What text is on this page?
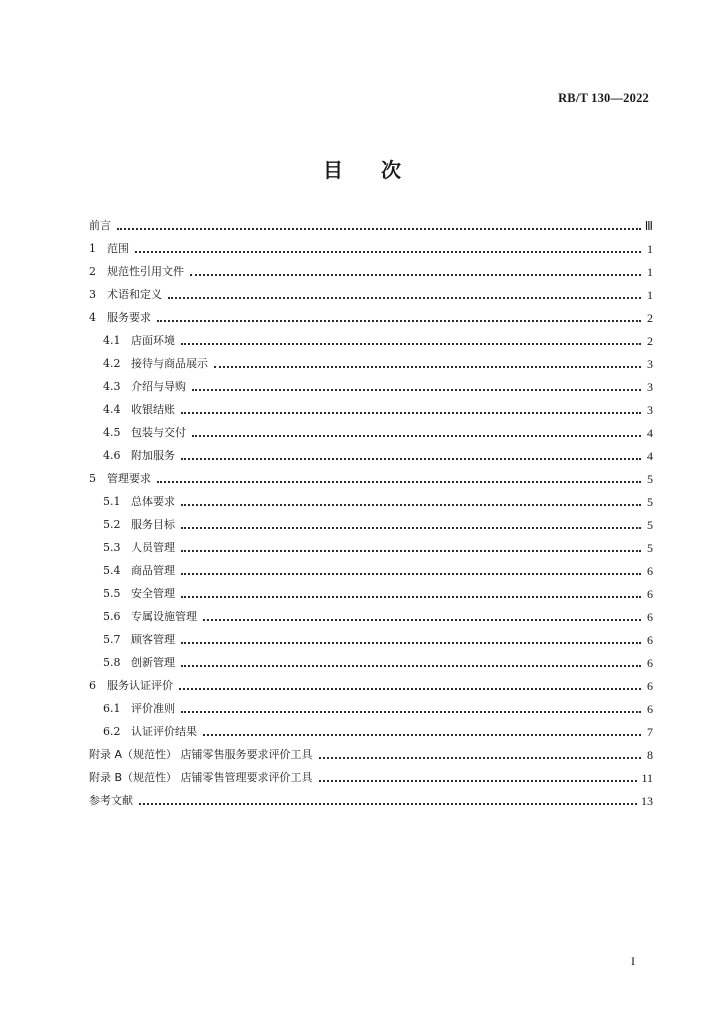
RB/T 130—2022
目 次
前言	Ⅲ
1	范围	1
2	规范性引用文件	1
3	术语和定义	1
4	服务要求	2
4.1 店面环境	2
4.2 接待与商品展示	3
4.3 介绍与导购	3
4.4 收银结账	3
4.5 包装与交付	4
4.6 附加服务	4
5	管理要求	5
5.1 总体要求	5
5.2 服务目标	5
5.3 人员管理	5
5.4 商品管理	6
5.5 安全管理	6
5.6 专属设施管理	6
5.7 顾客管理	6
5.8 创新管理	6
6	服务认证评价	6
6.1 评价准则	6
6.2 认证评价结果	7
附录 A（规范性） 店铺零售服务要求评价工具	8
附录 B（规范性） 店铺零售管理要求评价工具	11
参考文献	13
I
